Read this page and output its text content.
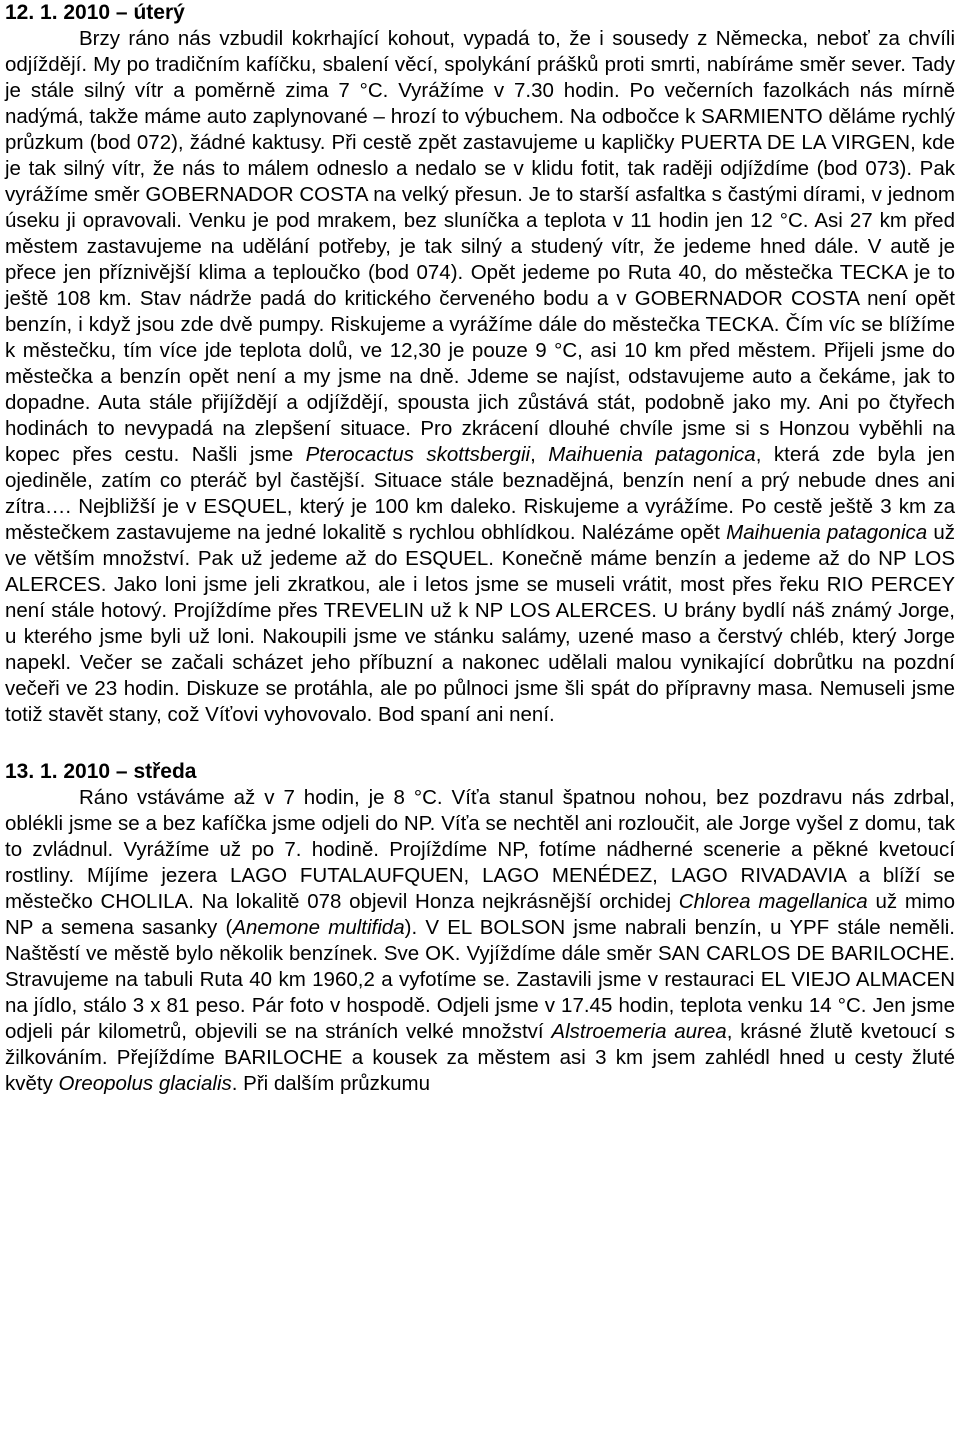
12. 1. 2010 – úterý

Brzy ráno nás vzbudil kokrhající kohout, vypadá to, že i sousedy z Německa, neboť za chvíli odjíždějí. My po tradičním kafíčku, sbalení věcí, spolykání prášků proti smrti, nabíráme směr sever. Tady je stále silný vítr a poměrně zima 7 °C. Vyrážíme v 7.30 hodin. Po večerních fazolkách nás mírně nadýmá, takže máme auto zaplynované – hrozí to výbuchem. Na odbočce k SARMIENTO děláme rychlý průzkum (bod 072), žádné kaktusy. Při cestě zpět zastavujeme u kapličky PUERTA DE LA VIRGEN, kde je tak silný vítr, že nás to málem odneslo a nedalo se v klidu fotit, tak raději odjíždíme (bod 073). Pak vyrážíme směr GOBERNADOR COSTA na velký přesun. Je to starší asfaltka s častými dírami, v jednom úseku ji opravovali. Venku je pod mrakem, bez sluníčka a teplota v 11 hodin jen 12 °C. Asi 27 km před městem zastavujeme na udělání potřeby, je tak silný a studený vítr, že jedeme hned dále. V autě je přece jen příznivější klima a teploučko (bod 074). Opět jedeme po Ruta 40, do městečka TECKA je to ještě 108 km. Stav nádrže padá do kritického červeného bodu a v GOBERNADOR COSTA není opět benzín, i když jsou zde dvě pumpy. Riskujeme a vyrážíme dále do městečka TECKA. Čím víc se blížíme k městečku, tím více jde teplota dolů, ve 12,30 je pouze 9 °C, asi 10 km před městem. Přijeli jsme do městečka a benzín opět není a my jsme na dně. Jdeme se najíst, odstavujeme auto a čekáme, jak to dopadne. Auta stále přijíždějí a odjíždějí, spousta jich zůstává stát, podobně jako my. Ani po čtyřech hodinách to nevypadá na zlepšení situace. Pro zkrácení dlouhé chvíle jsme si s Honzou vyběhli na kopec přes cestu. Našli jsme Pterocactus skottsbergii, Maihuenia patagonica, která zde byla jen ojediněle, zatím co pteráč byl častější. Situace stále beznadějná, benzín není a prý nebude dnes ani zítra…. Nejbližší je v ESQUEL, který je 100 km daleko. Riskujeme a vyrážíme. Po cestě ještě 3 km za městečkem zastavujeme na jedné lokalitě s rychlou obhlídkou. Nalézáme opět Maihuenia patagonica už ve větším množství. Pak už jedeme až do ESQUEL. Konečně máme benzín a jedeme až do NP LOS ALERCES. Jako loni jsme jeli zkratkou, ale i letos jsme se museli vrátit, most přes řeku RIO PERCEY není stále hotový. Projíždíme přes TREVELIN už k NP LOS ALERCES. U brány bydlí náš známý Jorge, u kterého jsme byli už loni. Nakoupili jsme ve stánku salámy, uzené maso a čerstvý chléb, který Jorge napekl. Večer se začali scházet jeho příbuzní a nakonec udělali malou vynikající dobrůtku na pozdní večeři ve 23 hodin. Diskuze se protáhla, ale po půlnoci jsme šli spát do přípravny masa. Nemuseli jsme totiž stavět stany, což Víťovi vyhovovalo. Bod spaní ani není.

13. 1. 2010 – středa

Ráno vstáváme až v 7 hodin, je 8 °C. Víťa stanul špatnou nohou, bez pozdravu nás zdrbal, oblékli jsme se a bez kafíčka jsme odjeli do NP. Víťa se nechtěl ani rozloučit, ale Jorge vyšel z domu, tak to zvládnul. Vyrážíme už po 7. hodině. Projíždíme NP, fotíme nádherné scenerie a pěkné kvetoucí rostliny. Míjíme jezera LAGO FUTALAUFQUEN, LAGO MENÉDEZ, LAGO RIVADAVIA a blíží se městečko CHOLILA. Na lokalitě 078 objevil Honza nejkrásnější orchidej Chlorea magellanica už mimo NP a semena sasanky (Anemone multifida). V EL BOLSON jsme nabrali benzín, u YPF stále neměli. Naštěstí ve městě bylo několik benzínek. Sve OK. Vyjíždíme dále směr SAN CARLOS DE BARILOCHE. Stravujeme na tabuli Ruta 40 km 1960,2 a vyfotíme se. Zastavili jsme v restauraci EL VIEJO ALMACEN na jídlo, stálo 3 x 81 peso. Pár foto v hospodě. Odjeli jsme v 17.45 hodin, teplota venku 14 °C. Jen jsme odjeli pár kilometrů, objevili se na stráních velké množství Alstroemeria aurea, krásné žlutě kvetoucí s žilkováním. Přejíždíme BARILOCHE a kousek za městem asi 3 km jsem zahlédl hned u cesty žluté květy Oreopolus glacialis. Při dalším průzkumu
